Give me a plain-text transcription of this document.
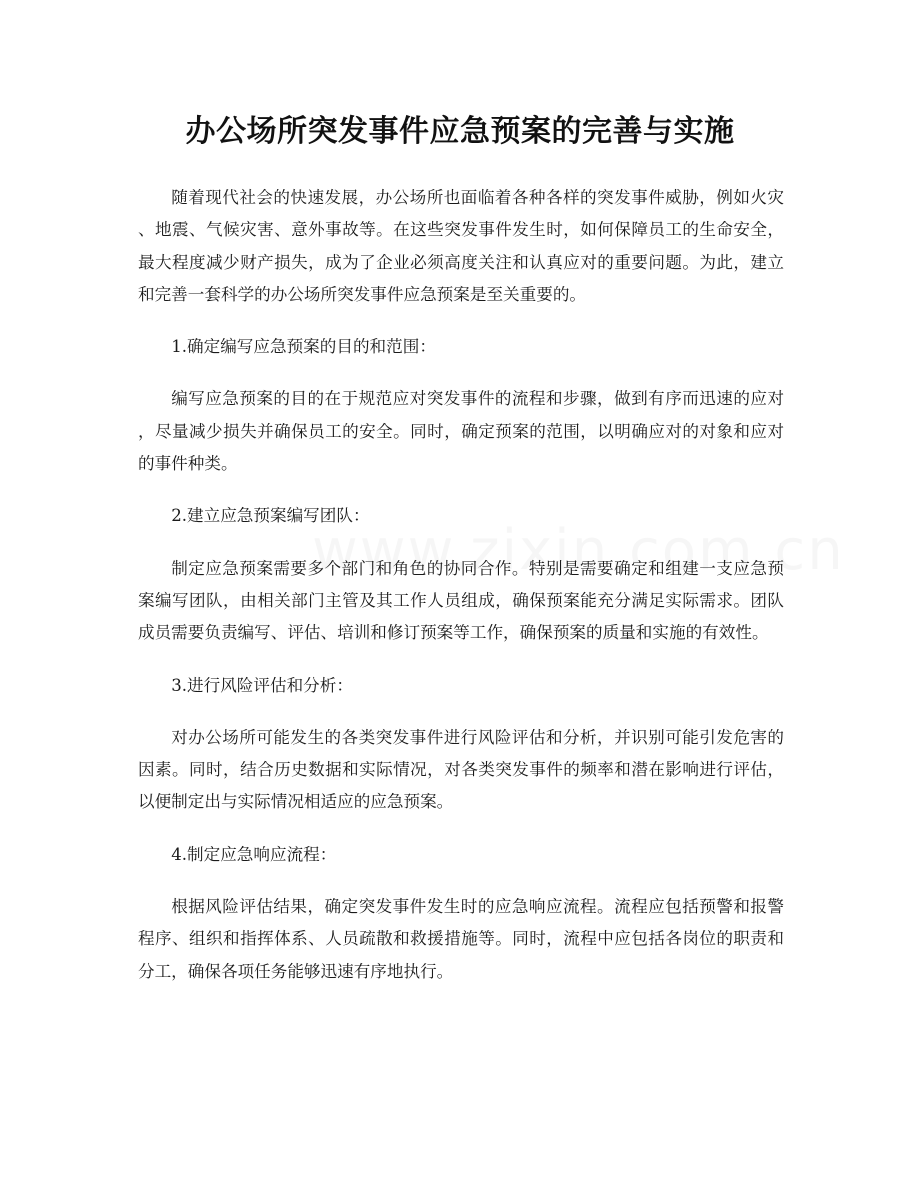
办公场所突发事件应急预案的完善与实施

随着现代社会的快速发展，办公场所也面临着各种各样的突发事件威胁，例如火灾、地震、气候灾害、意外事故等。在这些突发事件发生时，如何保障员工的生命安全，最大程度减少财产损失，成为了企业必须高度关注和认真应对的重要问题。为此，建立和完善一套科学的办公场所突发事件应急预案是至关重要的。

1.确定编写应急预案的目的和范围：

编写应急预案的目的在于规范应对突发事件的流程和步骤，做到有序而迅速的应对，尽量减少损失并确保员工的安全。同时，确定预案的范围，以明确应对的对象和应对的事件种类。

2.建立应急预案编写团队：

制定应急预案需要多个部门和角色的协同合作。特别是需要确定和组建一支应急预案编写团队，由相关部门主管及其工作人员组成，确保预案能充分满足实际需求。团队成员需要负责编写、评估、培训和修订预案等工作，确保预案的质量和实施的有效性。

3.进行风险评估和分析：

对办公场所可能发生的各类突发事件进行风险评估和分析，并识别可能引发危害的因素。同时，结合历史数据和实际情况，对各类突发事件的频率和潜在影响进行评估，以便制定出与实际情况相适应的应急预案。

4.制定应急响应流程：

根据风险评估结果，确定突发事件发生时的应急响应流程。流程应包括预警和报警程序、组织和指挥体系、人员疏散和救援措施等。同时，流程中应包括各岗位的职责和分工，确保各项任务能够迅速有序地执行。
